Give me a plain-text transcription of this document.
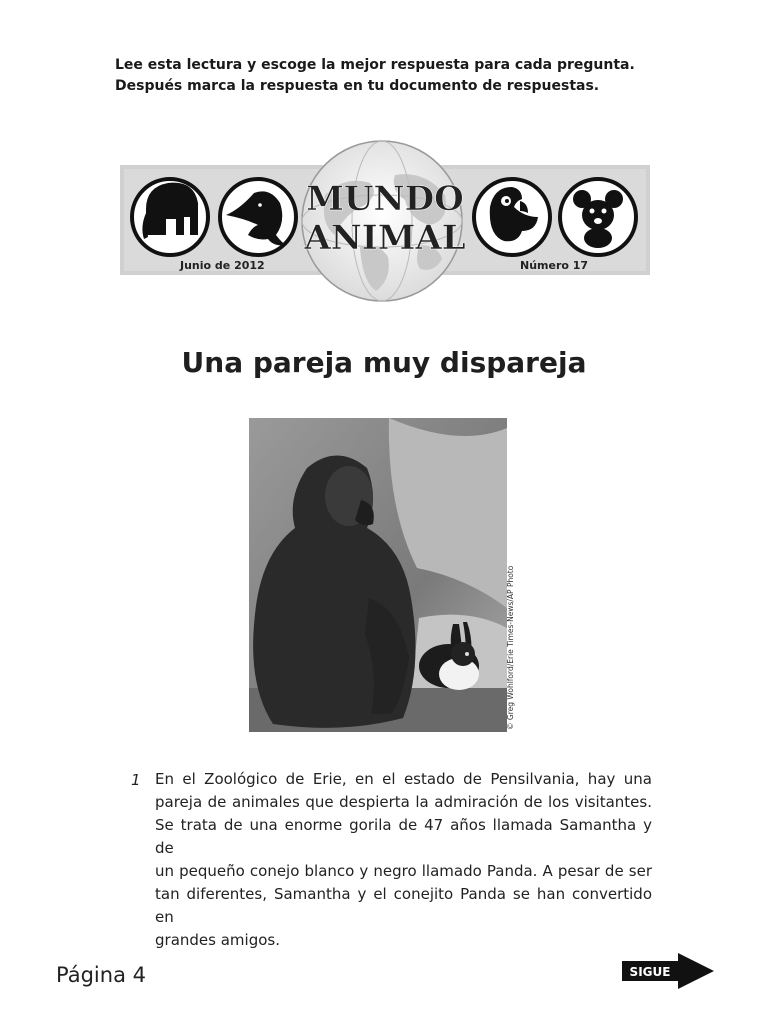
Lee esta lectura y escoge la mejor respuesta para cada pregunta.
Después marca la respuesta en tu documento de respuestas.
MUNDO
ANIMAL
Junio de 2012	Número 17
Una pareja muy dispareja
© Greg Wohlford/Erie Times-News/AP Photo
1 En el Zoológico de Erie, en el estado de Pensilvania, hay una
pareja de animales que despierta la admiración de los visitantes.
Se trata de una enorme gorila de 47 años llamada Samantha y de
un pequeño conejo blanco y negro llamado Panda. A pesar de ser
tan diferentes, Samantha y el conejito Panda se han convertido en
grandes amigos.
Página 4	SIGUE
